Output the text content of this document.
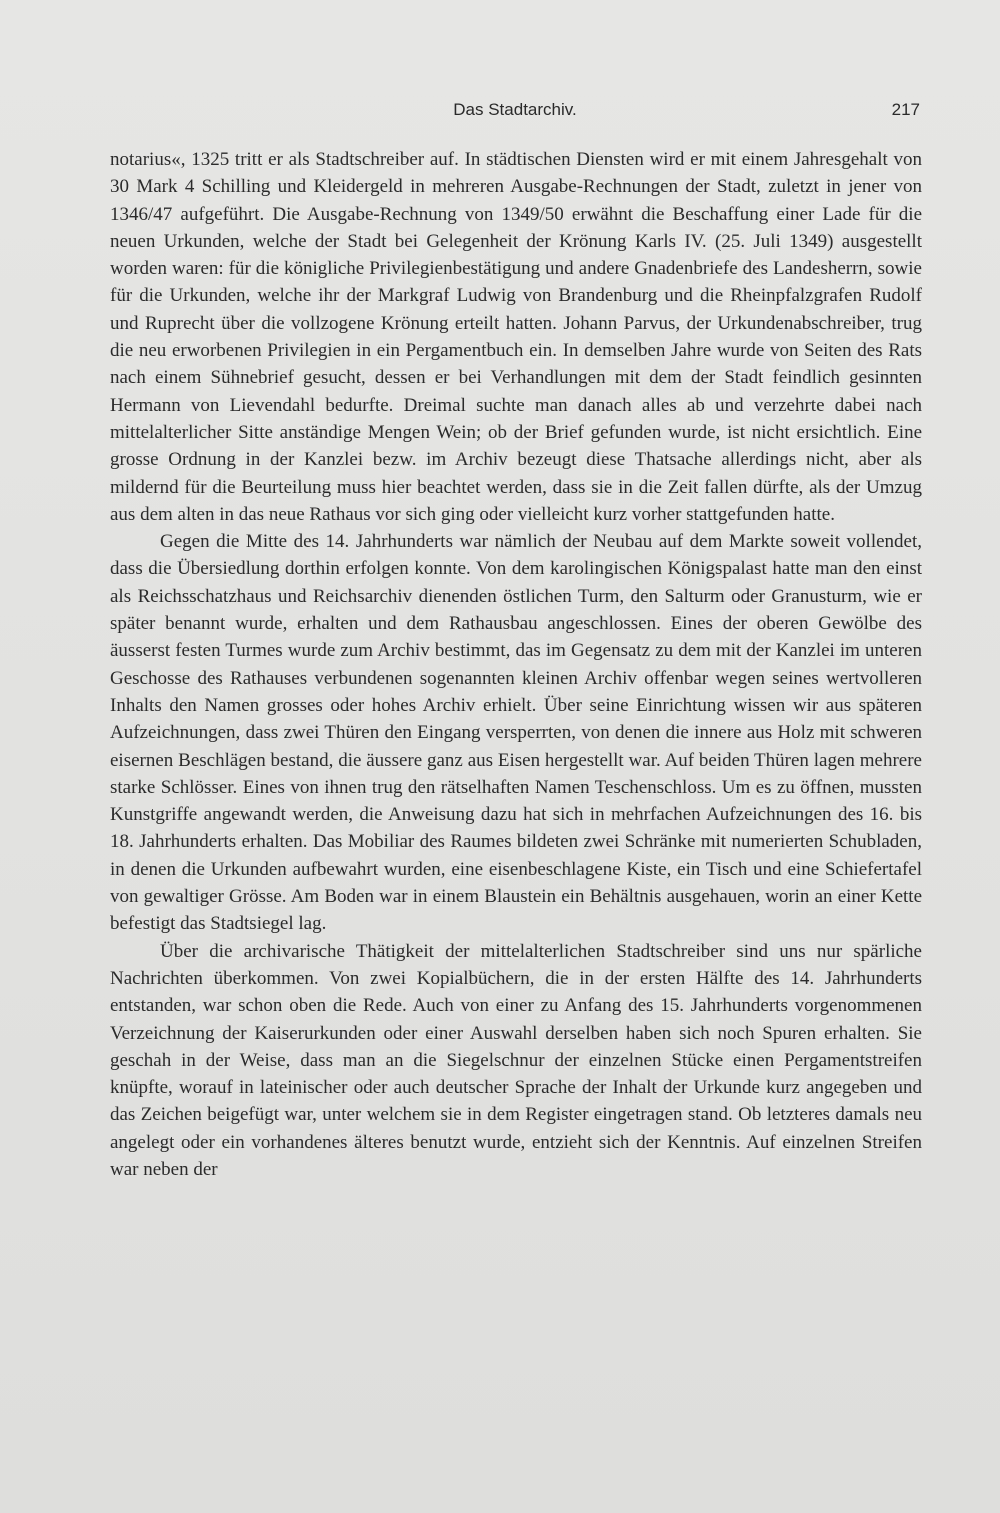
Das Stadtarchiv.	217

notarius«, 1325 tritt er als Stadtschreiber auf. In städtischen Diensten wird er mit einem Jahresgehalt von 30 Mark 4 Schilling und Kleidergeld in mehreren Ausgabe-Rechnungen der Stadt, zuletzt in jener von 1346/47 aufgeführt. Die Ausgabe-Rechnung von 1349/50 erwähnt die Beschaffung einer Lade für die neuen Urkunden, welche der Stadt bei Gelegenheit der Krönung Karls IV. (25. Juli 1349) ausgestellt worden waren: für die königliche Privilegienbestätigung und andere Gnadenbriefe des Landesherrn, sowie für die Urkunden, welche ihr der Markgraf Ludwig von Brandenburg und die Rheinpfalzgrafen Rudolf und Ruprecht über die vollzogene Krönung erteilt hatten. Johann Parvus, der Urkundenabschreiber, trug die neu erworbenen Privilegien in ein Pergamentbuch ein. In demselben Jahre wurde von Seiten des Rats nach einem Sühnebrief gesucht, dessen er bei Verhandlungen mit dem der Stadt feindlich gesinnten Hermann von Lievendahl bedurfte. Dreimal suchte man danach alles ab und verzehrte dabei nach mittelalterlicher Sitte anständige Mengen Wein; ob der Brief gefunden wurde, ist nicht ersichtlich. Eine grosse Ordnung in der Kanzlei bezw. im Archiv bezeugt diese Thatsache allerdings nicht, aber als mildernd für die Beurteilung muss hier beachtet werden, dass sie in die Zeit fallen dürfte, als der Umzug aus dem alten in das neue Rathaus vor sich ging oder vielleicht kurz vorher stattgefunden hatte.

Gegen die Mitte des 14. Jahrhunderts war nämlich der Neubau auf dem Markte soweit vollendet, dass die Übersiedlung dorthin erfolgen konnte. Von dem karolingischen Königspalast hatte man den einst als Reichsschatzhaus und Reichsarchiv dienenden östlichen Turm, den Salturm oder Granusturm, wie er später benannt wurde, erhalten und dem Rathausbau angeschlossen. Eines der oberen Gewölbe des äusserst festen Turmes wurde zum Archiv bestimmt, das im Gegensatz zu dem mit der Kanzlei im unteren Geschosse des Rathauses verbundenen sogenannten kleinen Archiv offenbar wegen seines wertvolleren Inhalts den Namen grosses oder hohes Archiv erhielt. Über seine Einrichtung wissen wir aus späteren Aufzeichnungen, dass zwei Thüren den Eingang versperrten, von denen die innere aus Holz mit schweren eisernen Beschlägen bestand, die äussere ganz aus Eisen hergestellt war. Auf beiden Thüren lagen mehrere starke Schlösser. Eines von ihnen trug den rätselhaften Namen Teschenschloss. Um es zu öffnen, mussten Kunstgriffe angewandt werden, die Anweisung dazu hat sich in mehrfachen Aufzeichnungen des 16. bis 18. Jahrhunderts erhalten. Das Mobiliar des Raumes bildeten zwei Schränke mit numerierten Schubladen, in denen die Urkunden aufbewahrt wurden, eine eisenbeschlagene Kiste, ein Tisch und eine Schiefertafel von gewaltiger Grösse. Am Boden war in einem Blaustein ein Behältnis ausgehauen, worin an einer Kette befestigt das Stadtsiegel lag.

Über die archivarische Thätigkeit der mittelalterlichen Stadtschreiber sind uns nur spärliche Nachrichten überkommen. Von zwei Kopialbüchern, die in der ersten Hälfte des 14. Jahrhunderts entstanden, war schon oben die Rede. Auch von einer zu Anfang des 15. Jahrhunderts vorgenommenen Verzeichnung der Kaiserurkunden oder einer Auswahl derselben haben sich noch Spuren erhalten. Sie geschah in der Weise, dass man an die Siegelschnur der einzelnen Stücke einen Pergamentstreifen knüpfte, worauf in lateinischer oder auch deutscher Sprache der Inhalt der Urkunde kurz angegeben und das Zeichen beigefügt war, unter welchem sie in dem Register eingetragen stand. Ob letzteres damals neu angelegt oder ein vorhandenes älteres benutzt wurde, entzieht sich der Kenntnis. Auf einzelnen Streifen war neben der
